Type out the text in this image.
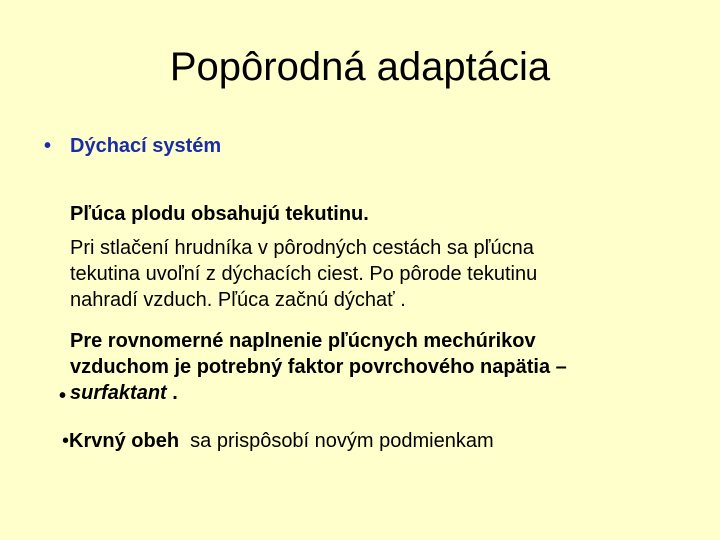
Popôrodná adaptácia
• Dýchací systém
Pľúca plodu obsahujú tekutinu.
Pri stlačení hrudníka v pôrodných cestách sa pľúcna
tekutina uvoľní z dýchacích ciest. Po pôrode tekutinu
nahradí vzduch. Pľúca začnú dýchať .
Pre rovnomerné naplnenie pľúcnych mechúrikov
vzduchom je potrebný faktor povrchového napätia –
surfaktant .
•
•Krvný obeh  sa prispôsobí novým podmienkam
